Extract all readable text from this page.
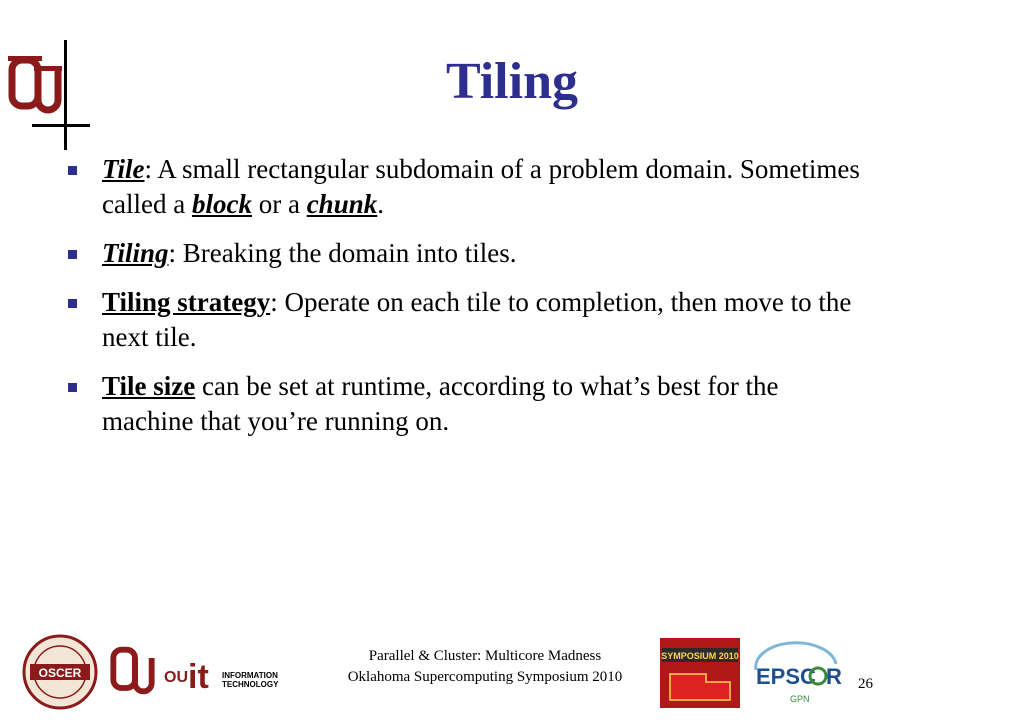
Tiling
Tile: A small rectangular subdomain of a problem domain. Sometimes called a block or a chunk.
Tiling: Breaking the domain into tiles.
Tiling strategy: Operate on each tile to completion, then move to the next tile.
Tile size can be set at runtime, according to what’s best for the machine that you’re running on.
OSCER	OU it INFORMATION
TECHNOLOGY
Parallel & Cluster: Multicore Madness
Oklahoma Supercomputing Symposium 2010
SYMPOSIUM 2010
EPSC R
GPN
26
